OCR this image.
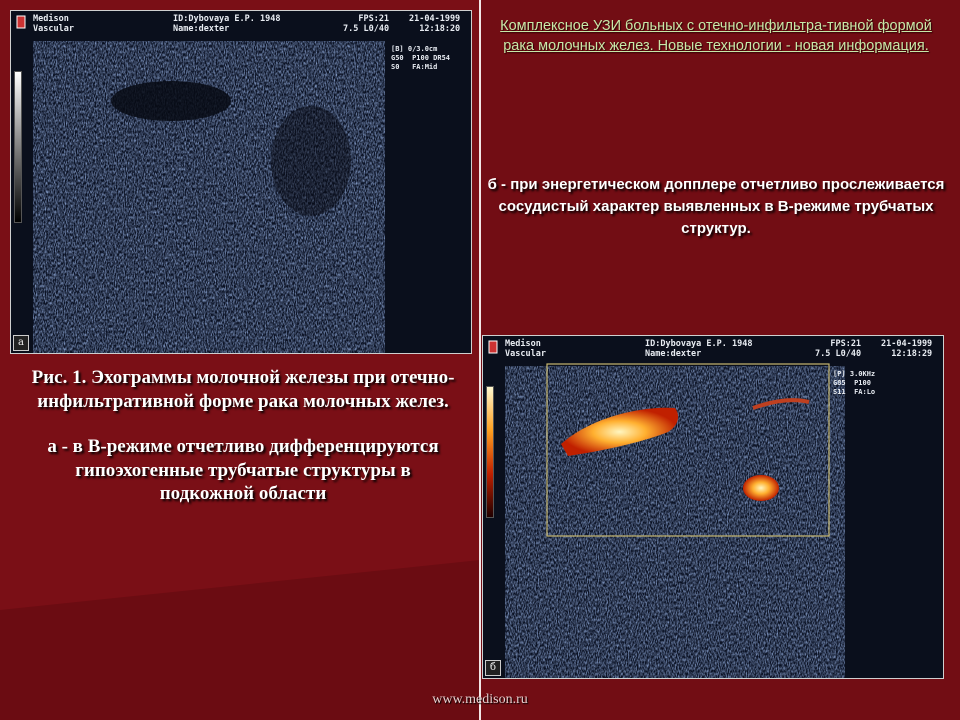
Medison
Vascular
ID:Dybovaya E.P. 1948
Name:dexter
FPS:21
7.5 L0/40
21-04-1999
12:18:20
[B] 0/3.0cm
G50  P100 DR54
S0   FA:Mid
а	Medison
Vascular
ID:Dybovaya E.P. 1948
Name:dexter
FPS:21
7.5 L0/40
21-04-1999
12:18:29
[P] 3.0KHz
G85  P100
S11  FA:Lo
б
Комплексное УЗИ больных с отечно-инфильтра-тивной формой рака молочных желез. Новые технологии - новая информация.
б - при энергетическом допплере отчетливо прослеживается сосудистый характер выявленных в В-режиме трубчатых структур.
Рис. 1. Эхограммы молочной железы при отечно-инфильтративной форме рака молочных желез.
а - в В-режиме отчетливо дифференцируются гипоэхогенные трубчатые структуры в подкожной области
www.medison.ru
